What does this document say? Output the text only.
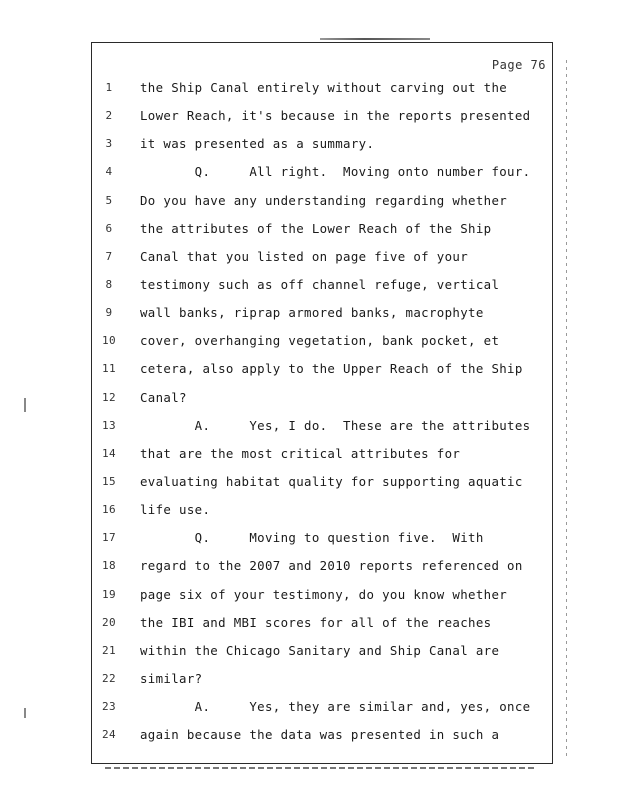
Page 76
1	the Ship Canal entirely without carving out the
2	Lower Reach, it's because in the reports presented
3	it was presented as a summary.
4	Q.     All right.  Moving onto number four.
5	Do you have any understanding regarding whether
6	the attributes of the Lower Reach of the Ship
7	Canal that you listed on page five of your
8	testimony such as off channel refuge, vertical
9	wall banks, riprap armored banks, macrophyte
10	cover, overhanging vegetation, bank pocket, et
11	cetera, also apply to the Upper Reach of the Ship
12	Canal?
13	A.     Yes, I do.  These are the attributes
14	that are the most critical attributes for
15	evaluating habitat quality for supporting aquatic
16	life use.
17	Q.     Moving to question five.  With
18	regard to the 2007 and 2010 reports referenced on
19	page six of your testimony, do you know whether
20	the IBI and MBI scores for all of the reaches
21	within the Chicago Sanitary and Ship Canal are
22	similar?
23	A.     Yes, they are similar and, yes, once
24	again because the data was presented in such a
